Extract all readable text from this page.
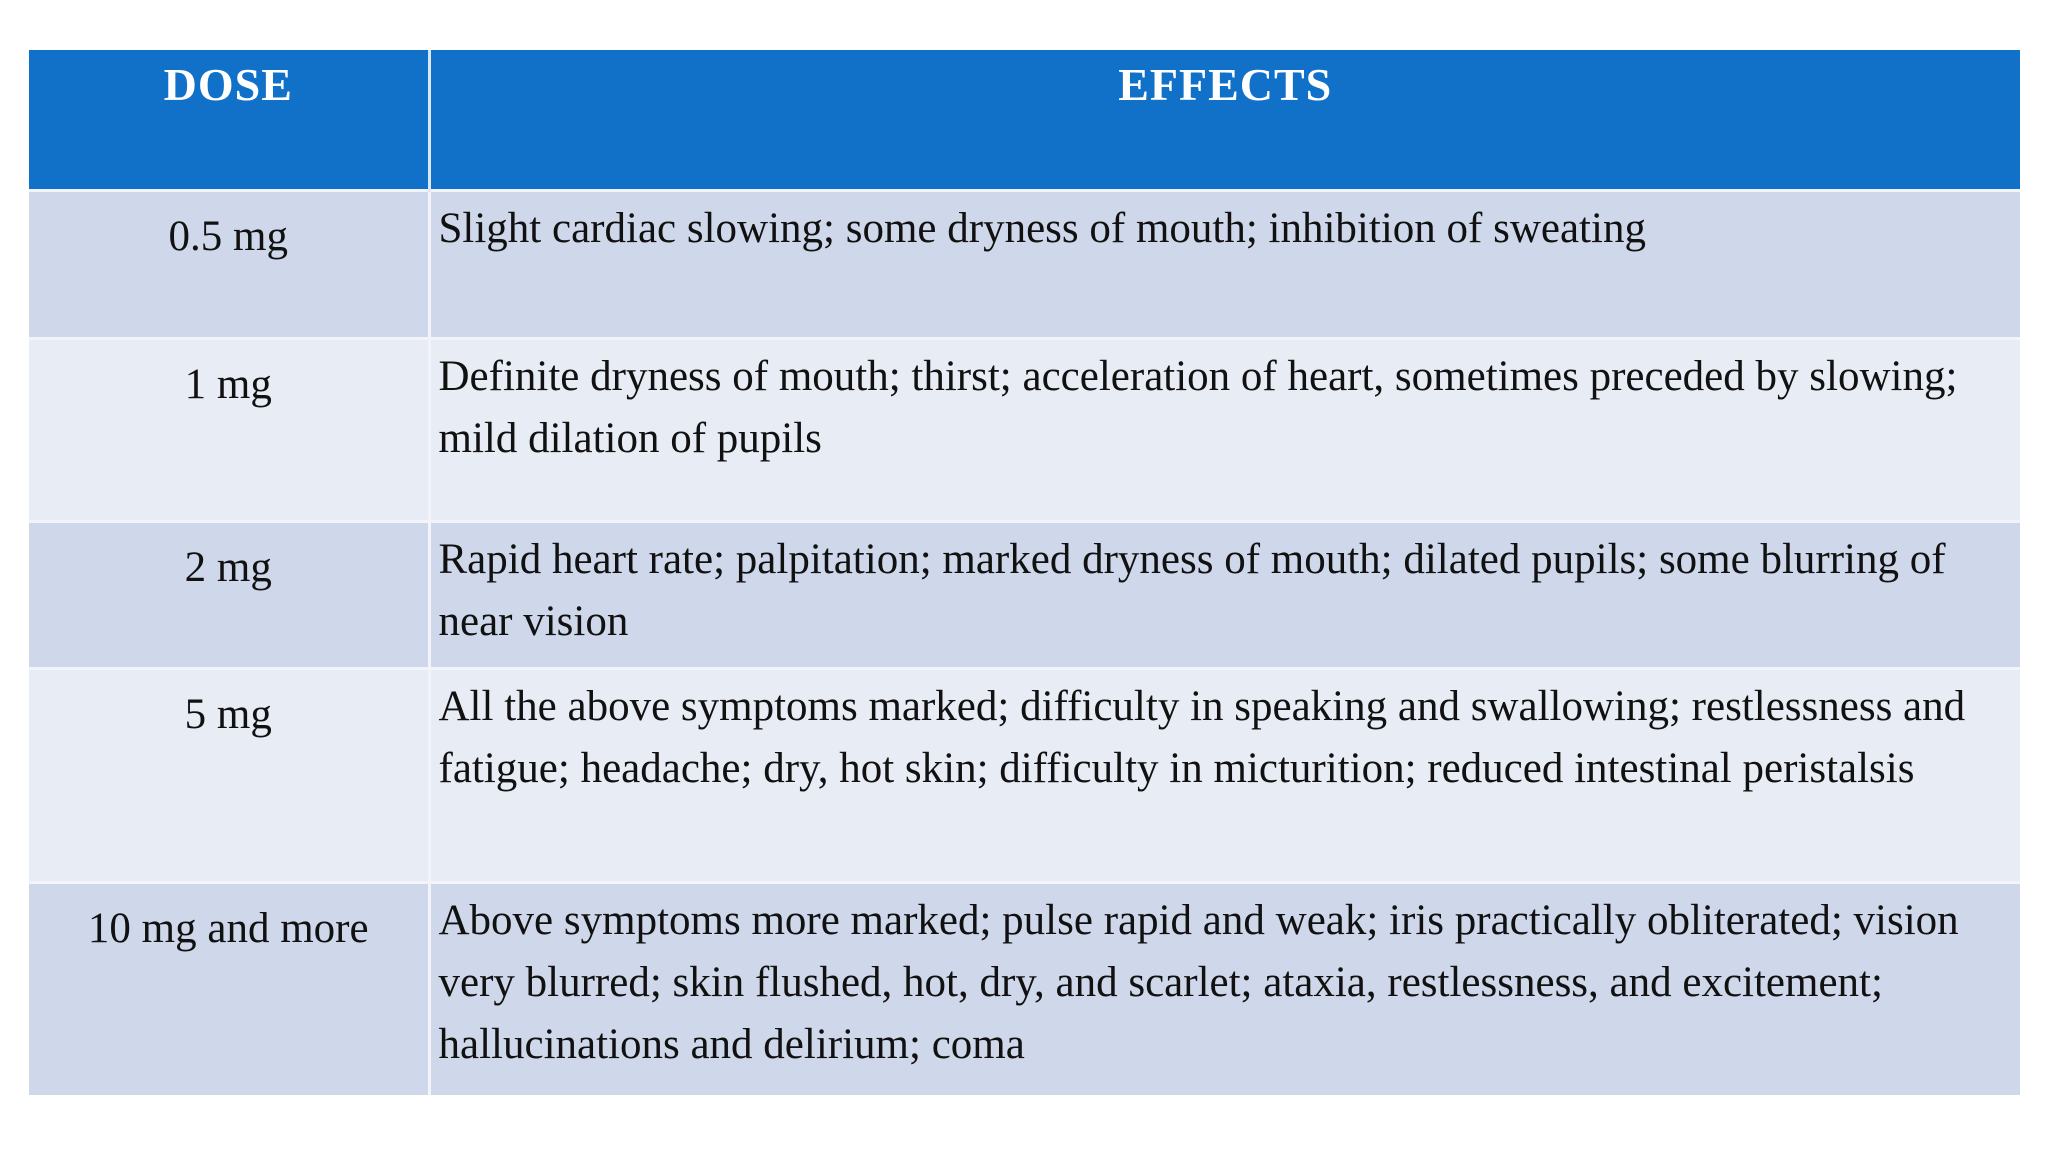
DOSE	EFFECTS
0.5 mg	Slight cardiac slowing; some dryness of mouth; inhibition of sweating
1 mg	Definite dryness of mouth; thirst; acceleration of heart, sometimes preceded by slowing; mild dilation of pupils
2 mg	Rapid heart rate; palpitation; marked dryness of mouth; dilated pupils; some blurring of near vision
5 mg	All the above symptoms marked; difficulty in speaking and swallowing; restlessness and fatigue; headache; dry, hot skin; difficulty in micturition; reduced intestinal peristalsis
10 mg and more	Above symptoms more marked; pulse rapid and weak; iris practically obliterated; vision very blurred; skin flushed, hot, dry, and scarlet; ataxia, restlessness, and excitement; hallucinations and delirium; coma
